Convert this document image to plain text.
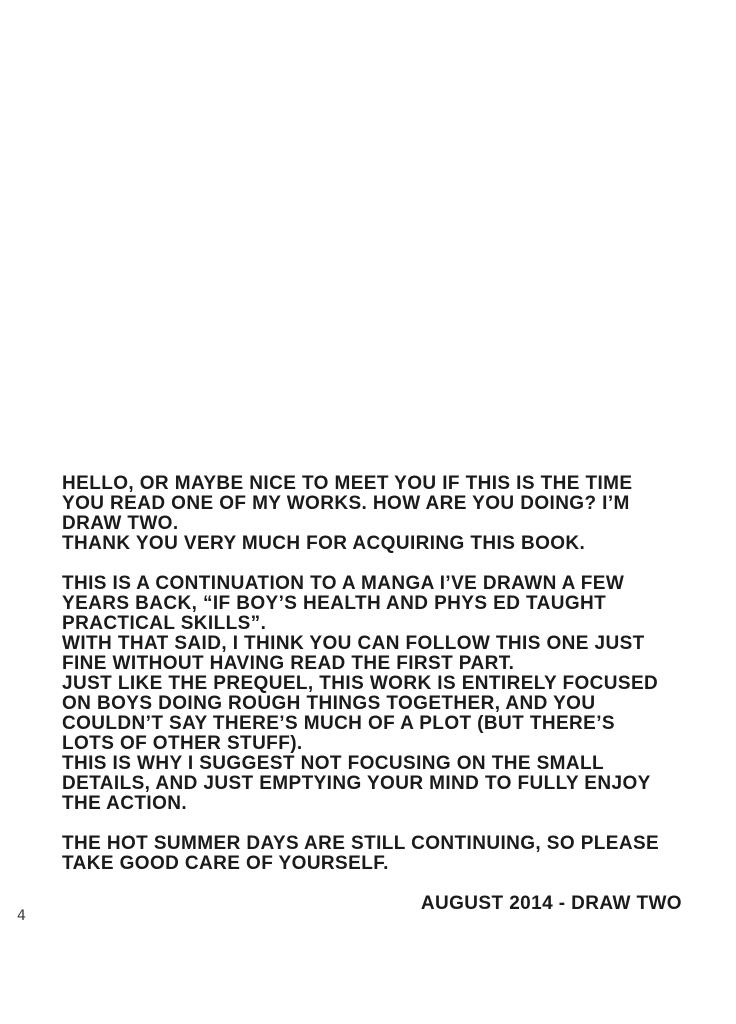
HELLO, OR MAYBE NICE TO MEET YOU IF THIS IS THE TIME
YOU READ ONE OF MY WORKS. HOW ARE YOU DOING? I’M
DRAW TWO.
THANK YOU VERY MUCH FOR ACQUIRING THIS BOOK.
THIS IS A CONTINUATION TO A MANGA I’VE DRAWN A FEW
YEARS BACK, “IF BOY’S HEALTH AND PHYS ED TAUGHT
PRACTICAL SKILLS”.
WITH THAT SAID, I THINK YOU CAN FOLLOW THIS ONE JUST
FINE WITHOUT HAVING READ THE FIRST PART.
JUST LIKE THE PREQUEL, THIS WORK IS ENTIRELY FOCUSED
ON BOYS DOING ROUGH THINGS TOGETHER, AND YOU
COULDN’T SAY THERE’S MUCH OF A PLOT (BUT THERE’S
LOTS OF OTHER STUFF).
THIS IS WHY I SUGGEST NOT FOCUSING ON THE SMALL
DETAILS, AND JUST EMPTYING YOUR MIND TO FULLY ENJOY
THE ACTION.
THE HOT SUMMER DAYS ARE STILL CONTINUING, SO PLEASE
TAKE GOOD CARE OF YOURSELF.
AUGUST 2014 - DRAW TWO
4
